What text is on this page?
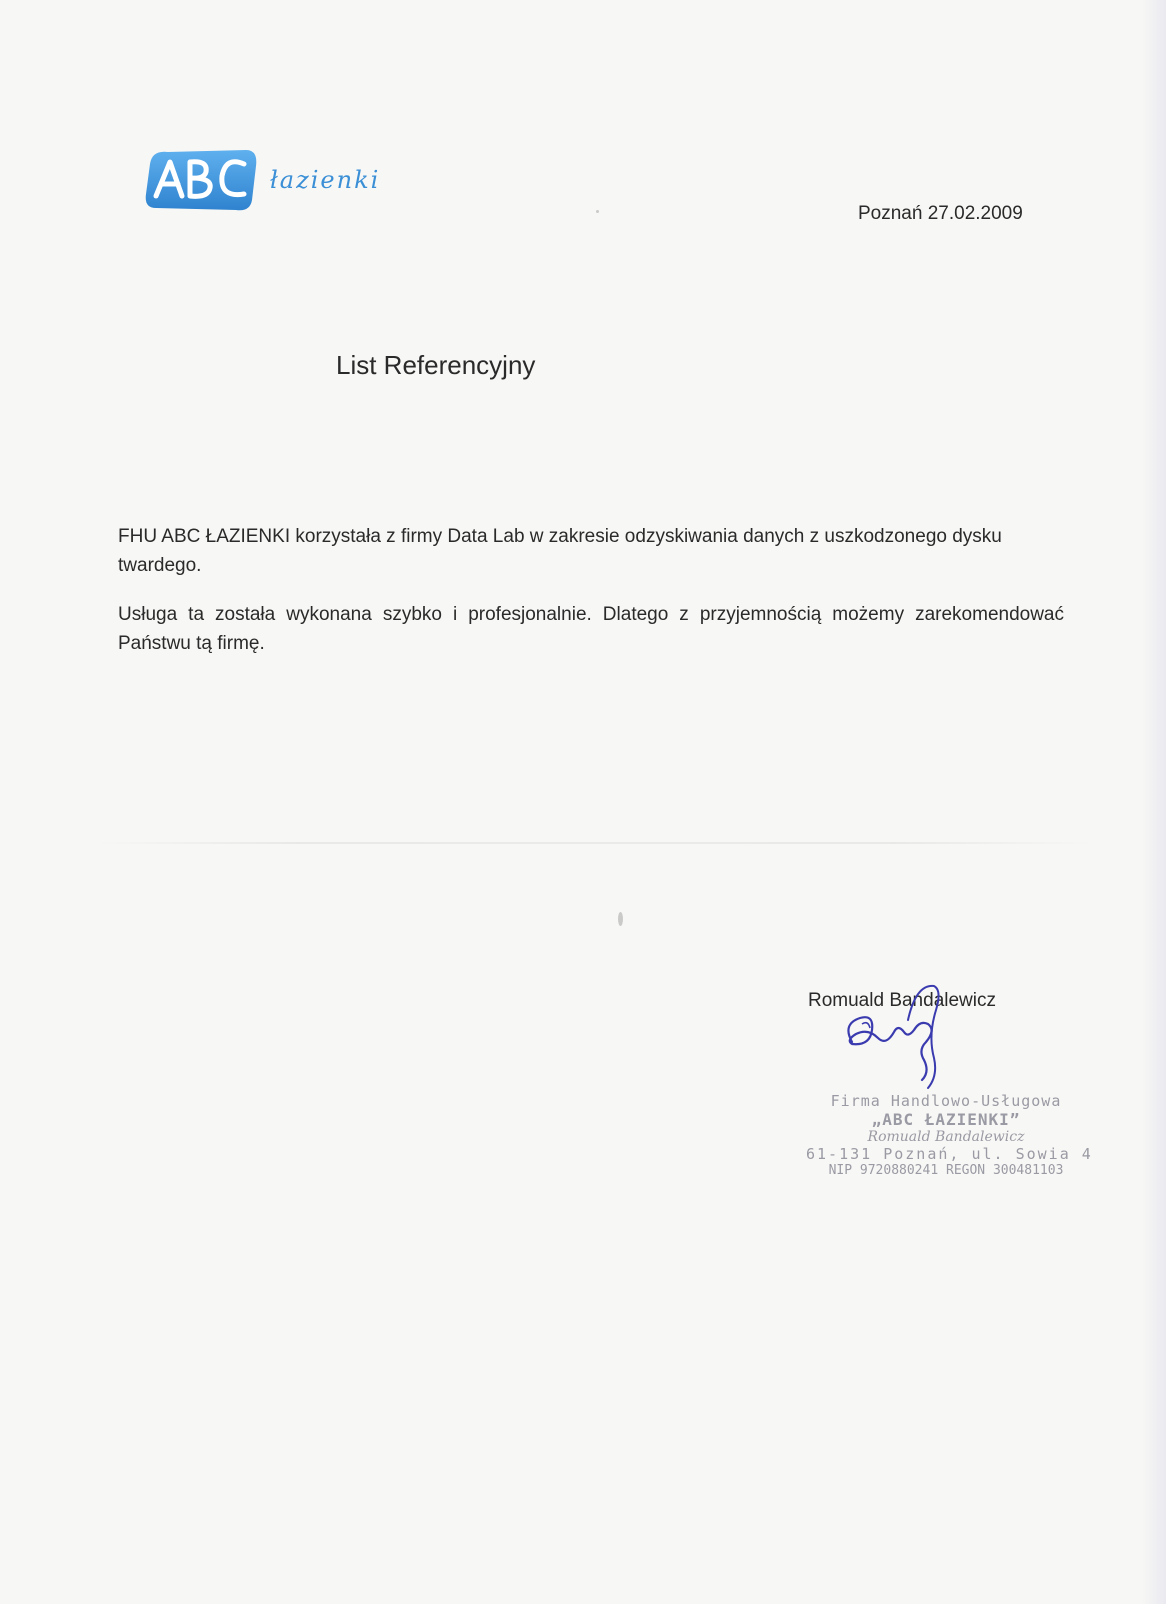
łazienki
Poznań 27.02.2009
List Referencyjny
FHU ABC ŁAZIENKI korzystała z firmy Data Lab w zakresie odzyskiwania danych z uszkodzonego dysku twardego.
Usługa ta została wykonana szybko i profesjonalnie. Dlatego z przyjemnością możemy zarekomendować Państwu tą firmę.
Romuald Bandalewicz
Firma Handlowo-Usługowa
„ABC ŁAZIENKI”
Romuald Bandalewicz
61-131 Poznań, ul. Sowia 4
NIP 9720880241 REGON 300481103
